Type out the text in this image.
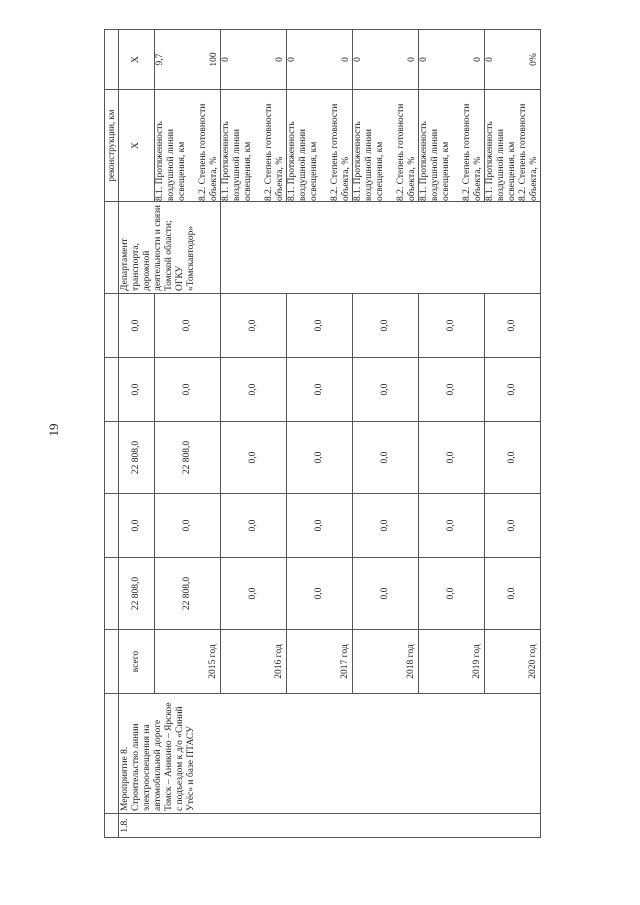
19
									реконструкции, км	
1.8.	Мероприятие 8. Строительство линии электроосвещения на автомобильной дороге Томск – Аникино – Ярское с подъездом к д/о «Синий Утёс» и базе ПТАСУ	всего	22 808,0	0,0	22 808,0	0,0	0,0	Департамент транспорта, дорожной деятельности и связи Томской области; ОГКУ «Томскавтодор»	Х	Х
		2015 год	22 808,0	0,0	22 808,0	0,0	0,0		8.1. Протяженность воздушной линии освещения, км 8.2. Степень готовности объекта, %	9,7 100

		2016 год	0,0	0,0	0,0	0,0	0,0		8.1. Протяженность воздушной линии освещения, км 8.2. Степень готовности объекта, %	0 0

		2017 год	0,0	0,0	0,0	0,0	0,0		8.1. Протяженность воздушной линии освещения, км 8.2. Степень готовности объекта, %	0 0

		2018 год	0,0	0,0	0,0	0,0	0,0		8.1. Протяженность воздушной линии освещения, км 8.2. Степень готовности объекта, %	0 0

		2019 год	0,0	0,0	0,0	0,0	0,0		8.1. Протяженность воздушной линии освещения, км 8.2. Степень готовности объекта, %	0 0

		2020 год	0,0	0,0	0,0	0,0	0,0		8.1. Протяженность воздушной линии освещения, км 8.2. Степень готовности объекта, %	0 0%
